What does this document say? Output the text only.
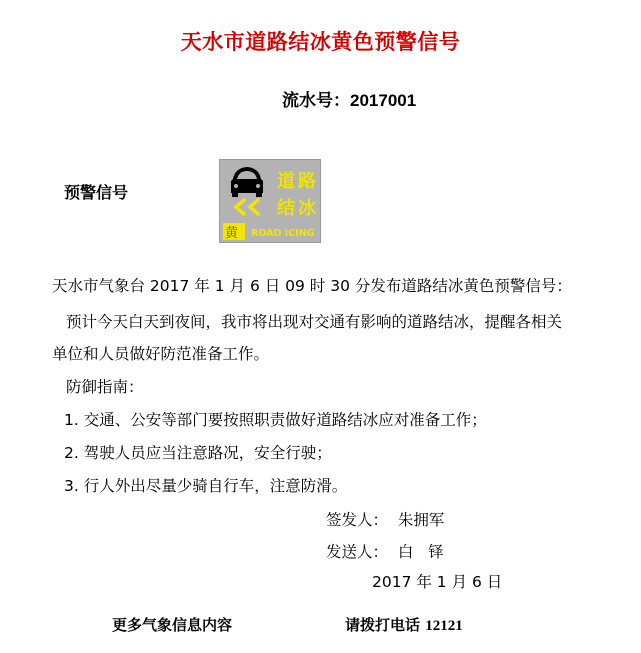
天水市道路结冰黄色预警信号
流水号：2017001
预警信号
道 路
结 冰
黄 ROAD ICING
天水市气象台 2017 年 1 月 6 日 09 时 30 分发布道路结冰黄色预警信号：
预计今天白天到夜间，我市将出现对交通有影响的道路结冰，提醒各相关
单位和人员做好防范准备工作。
防御指南：
1. 交通、公安等部门要按照职责做好道路结冰应对准备工作；
2. 驾驶人员应当注意路况，安全行驶；
3. 行人外出尽量少骑自行车，注意防滑。
签发人：  朱拥军
发送人：  白   铎
2017 年 1 月 6 日
更多气象信息内容	请拨打电话 12121
